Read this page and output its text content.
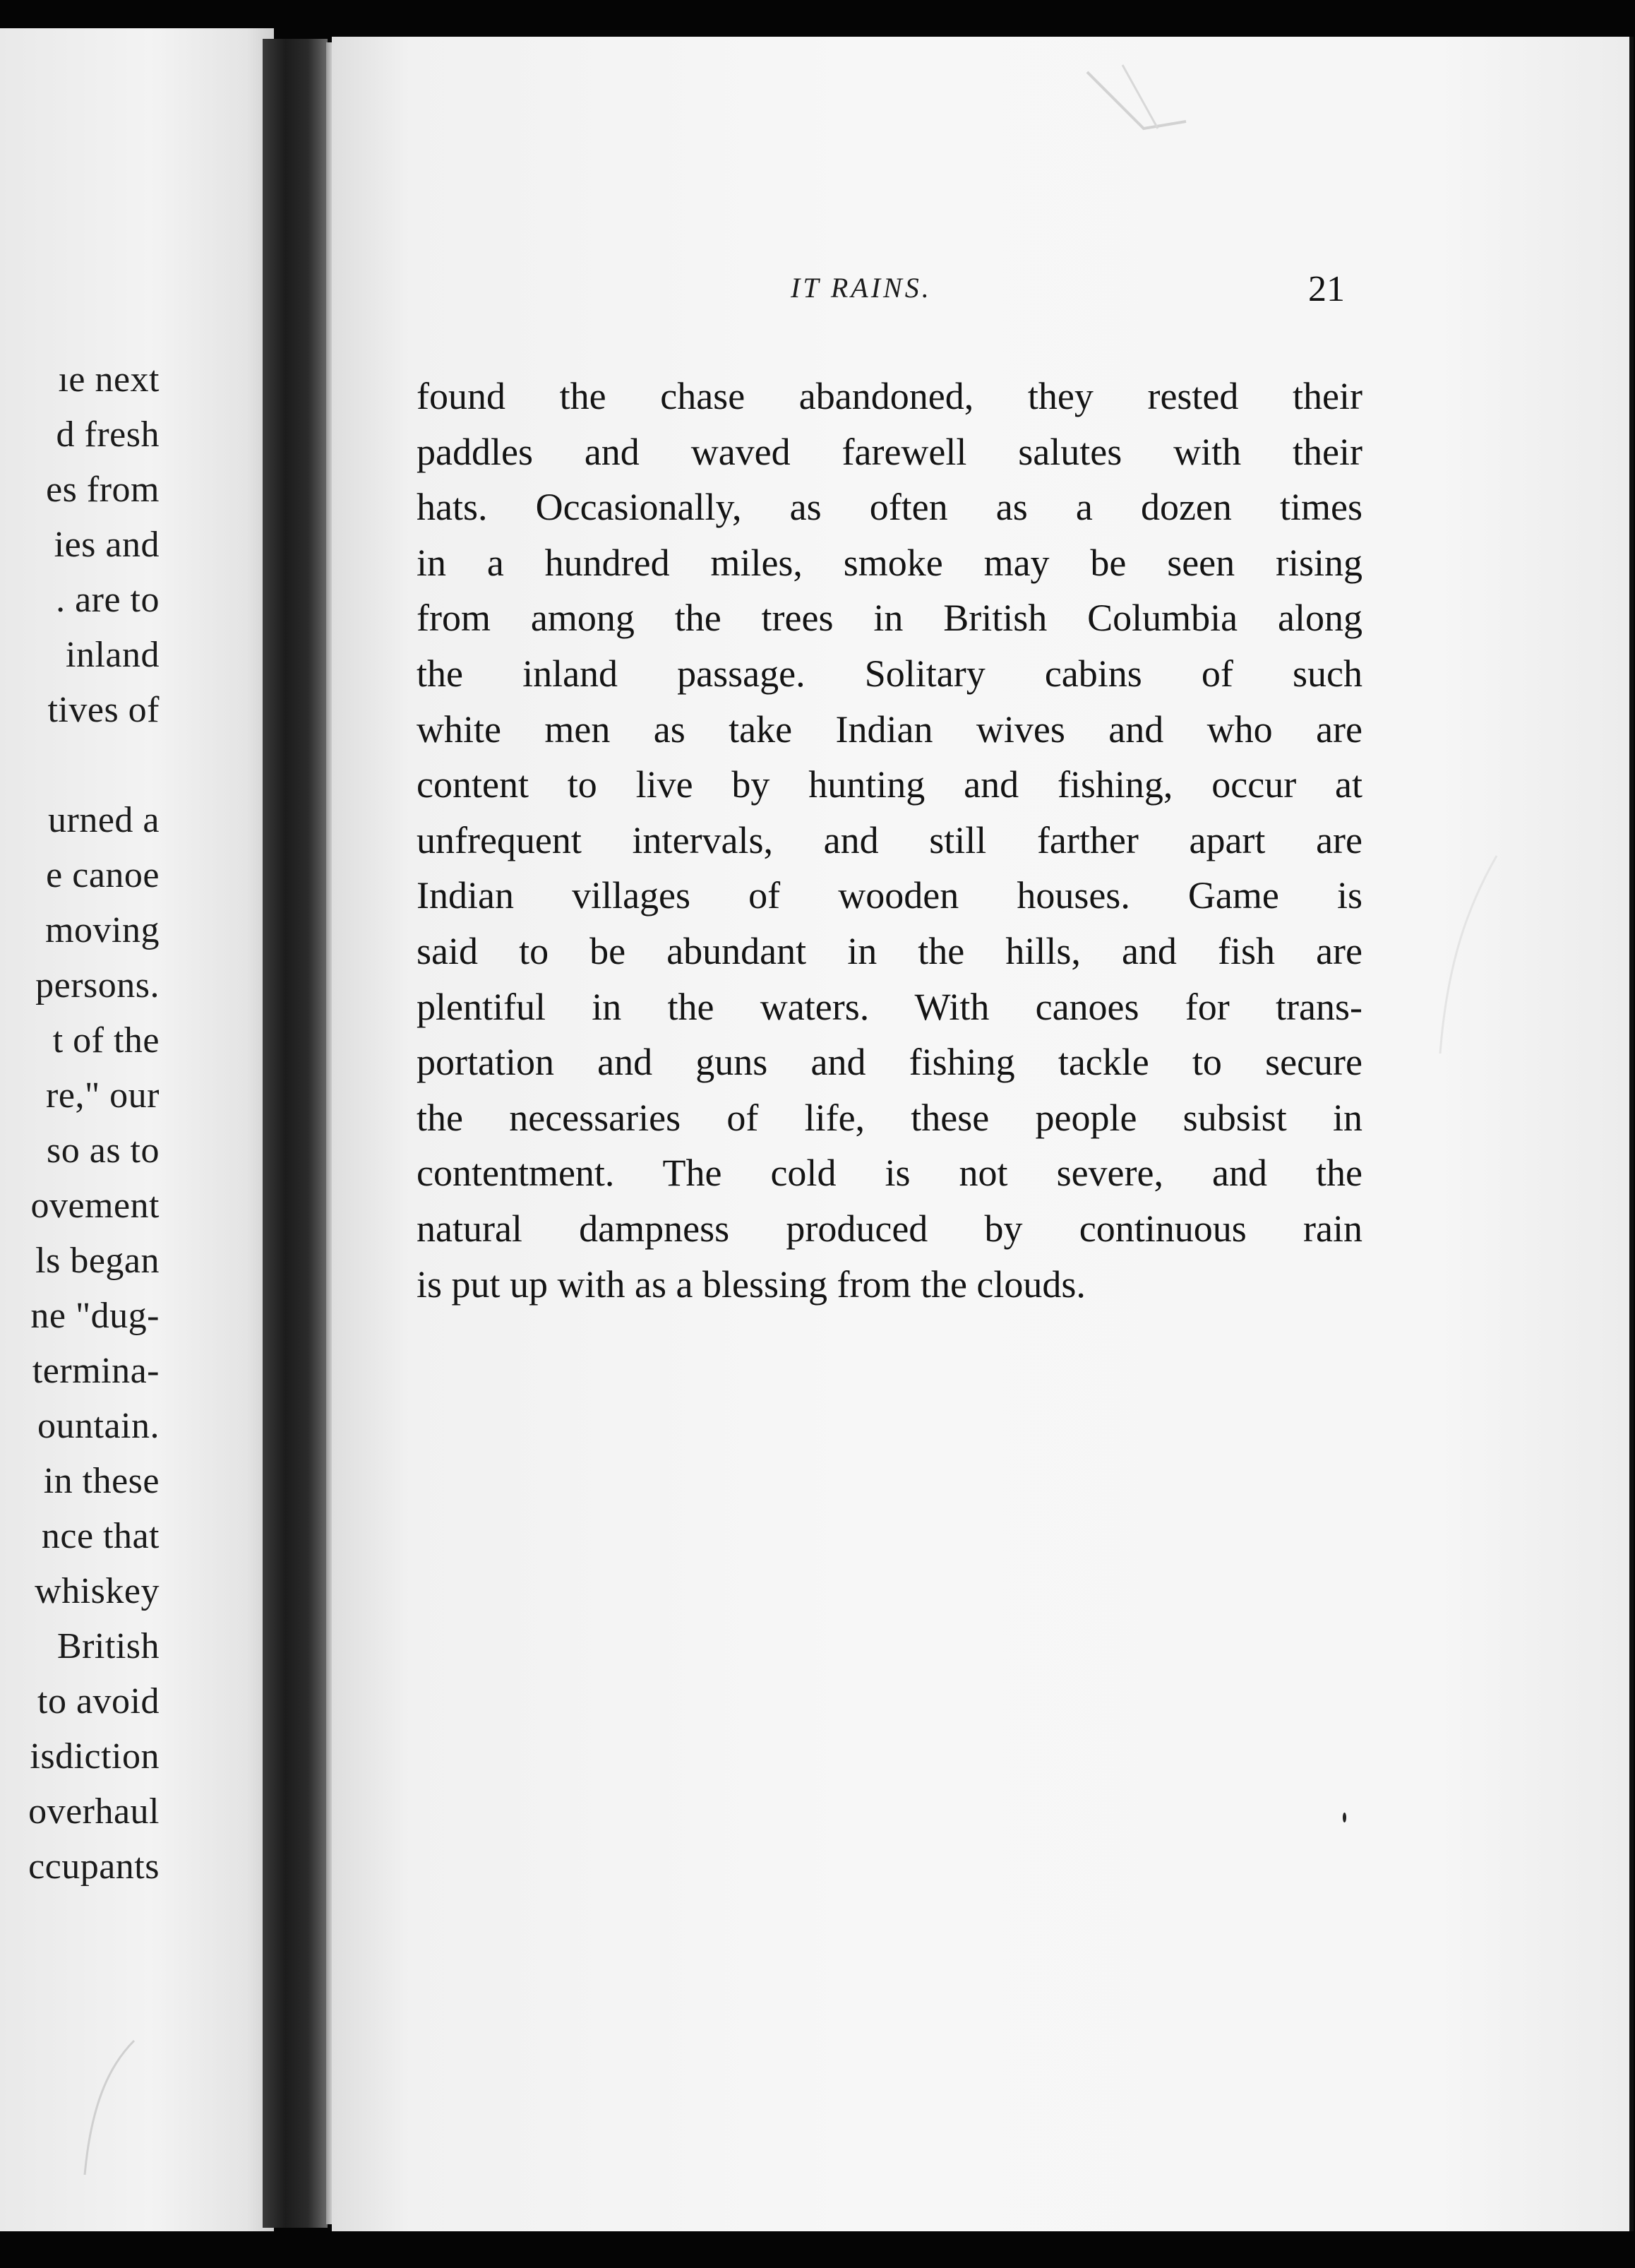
ıe next
d fresh
es from
ies and
. are to
inland
tives of
urned a
e canoe
moving
persons.
t of the
re," our
so as to
ovement
ls began
ne "dug-
termina-
ountain.
in these
nce that
whiskey
British
to avoid
isdiction
overhaul
ccupants
IT RAINS.	21
found the chase abandoned, they rested their
paddles and waved farewell salutes with their
hats. Occasionally, as often as a dozen times
in a hundred miles, smoke may be seen rising
from among the trees in British Columbia along
the inland passage. Solitary cabins of such
white men as take Indian wives and who are
content to live by hunting and fishing, occur at
unfrequent intervals, and still farther apart are
Indian villages of wooden houses. Game is
said to be abundant in the hills, and fish are
plentiful in the waters. With canoes for trans-
portation and guns and fishing tackle to secure
the necessaries of life, these people subsist in
contentment. The cold is not severe, and the
natural dampness produced by continuous rain
is put up with as a blessing from the clouds.
